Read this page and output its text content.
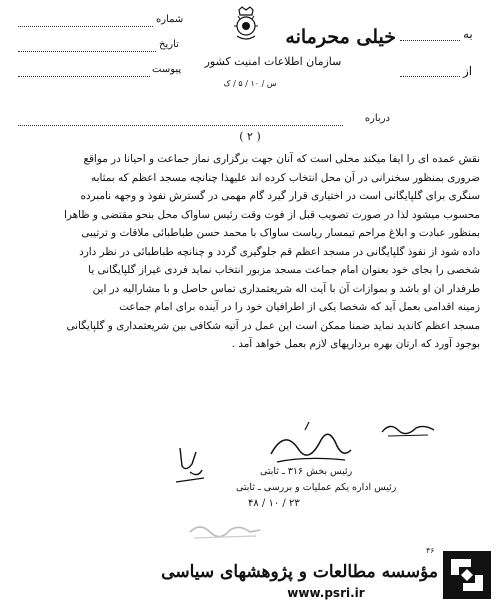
شماره
تاریخ
پیوست
به
از
خیلی محرمانه
سازمان اطلاعات امنیت کشور
س / ۱۰ / ۵ / ک
درباره
( ۲ )

نقش عمده ای را ایفا میکند محلی است که آنان جهت برگزاری نماز جماعت و احیانا در مواقع

ضروری بمنظور سخنرانی در آن محل انتخاب کرده اند علیهذا چنانچه مسجد اعظم که بمثابه

سنگری برای گلپایگانی است در اختیاری قرار گیرد گام مهمی در گسترش نفوذ و وجهه نامبرده

محسوب میشود لذا در صورت تصویب قبل از فوت وقت رئیس ساواک محل بنحو مقتضی و ظاهرا

بمنظور عبادت و ابلاغ مراحم تیمسار ریاست ساواک با محمد حسن طباطبائی ملاقات و ترتیبی

داده شود از نفوذ گلپایگانی در مسجد اعظم قم جلوگیری گردد و چنانچه طباطبائی در نظر دارد

شخصی را بجای خود بعنوان امام جماعت مسجد مزبور انتخاب نماید فردی غیراز گلپایگانی یا

طرفدار ان او باشد و بموازات آن با آیت اله شریعتمداری تماس حاصل و با مشارالیه در این

زمینه اقدامی بعمل آید که شخصا یکی از اطرافیان خود را در آینده برای امام جماعت

مسجد اعظم کاندید نماید ضمنا ممکن است این عمل در آتیه شکافی بین شریعتمداری و گلپایگانی

بوجود آورد که ارتان بهره برداریهای لازم بعمل خواهد آمد .

رئیس بخش ۳۱۶ ـ ثابتی
رئیس اداره یکم عملیات و بررسی ـ ثابتی
۲۳ / ۱۰ / ۴۸
۴۶
مؤسسه مطالعات و پژوهشهای سیاسی
www.psri.ir
